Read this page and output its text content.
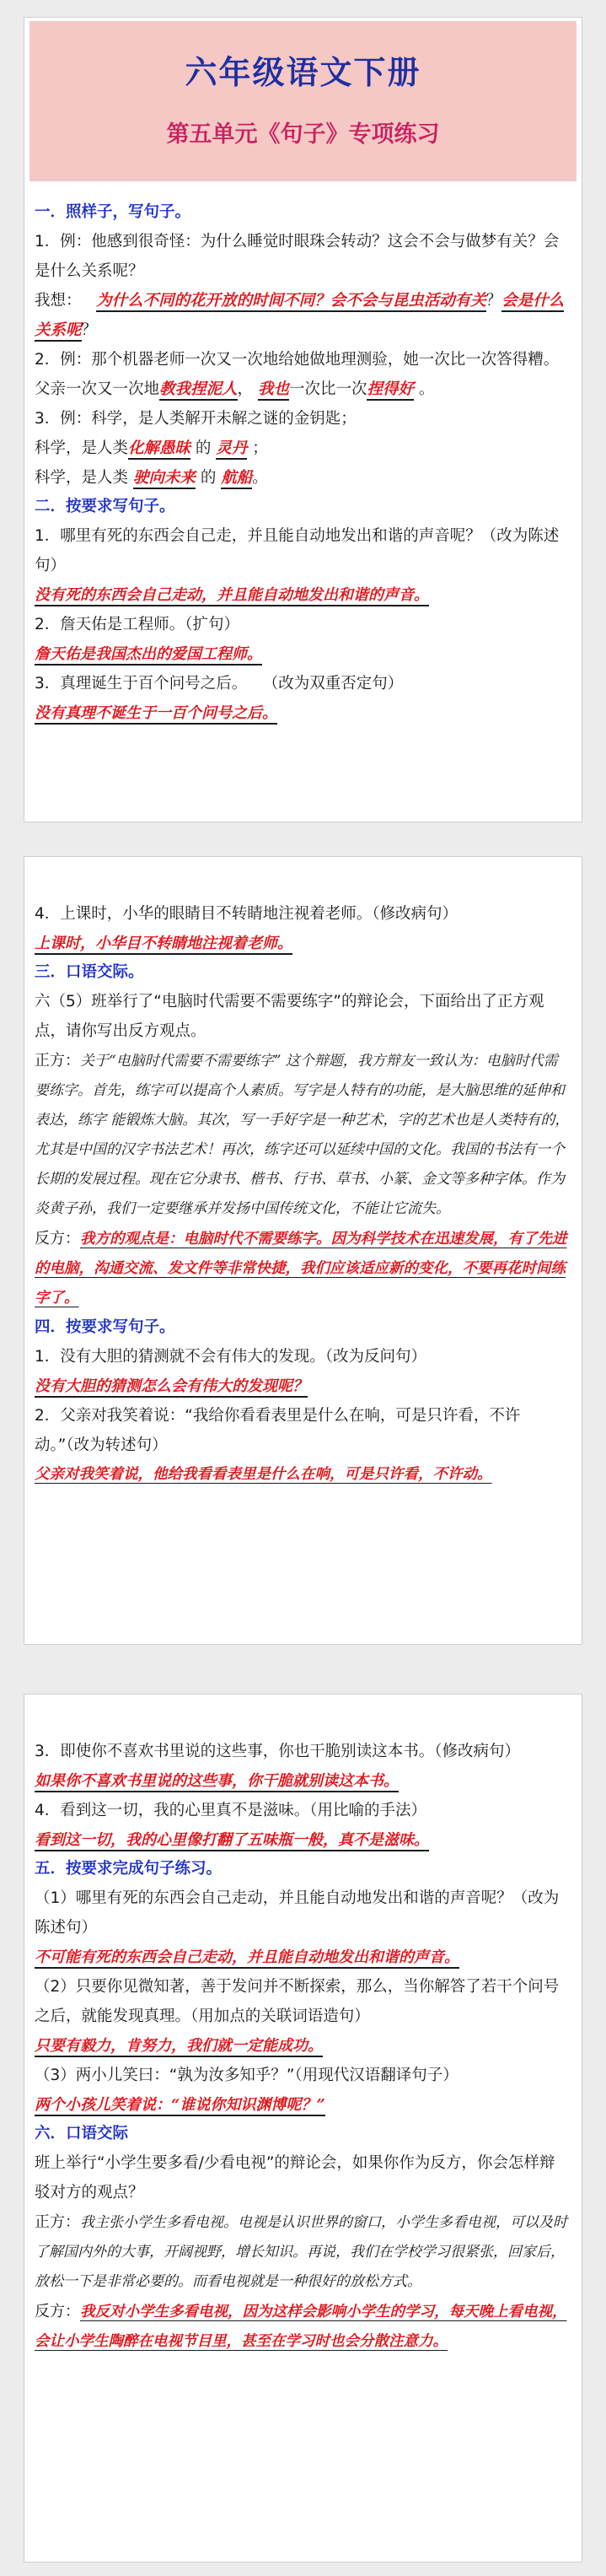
六年级语文下册
第五单元《句子》专项练习
一．照样子，写句子。

1．例：他感到很奇怪：为什么睡觉时眼珠会转动？这会不会与做梦有关？会是什么关系呢？

我想： 为什么不同的花开放的时间不同？会不会与昆虫活动有关？会是什么关系呢？

2．例：那个机器老师一次又一次地给她做地理测验，她一次比一次答得糟。

父亲一次又一次地教我捏泥人， 我也一次比一次捏得好 。

3．例：科学，是人类解开未解之谜的金钥匙；

科学，是人类化解愚昧 的 灵丹 ；

科学，是人类 驶向未来 的 航船。

二．按要求写句子。

1．哪里有死的东西会自己走，并且能自动地发出和谐的声音呢？（改为陈述句）

没有死的东西会自己走动，并且能自动地发出和谐的声音。

2．詹天佑是工程师。（扩句）

詹天佑是我国杰出的爱国工程师。

3．真理诞生于百个问号之后。　　（改为双重否定句）

没有真理不诞生于一百个问号之后。

4．上课时，小华的眼睛目不转睛地注视着老师。（修改病句）

上课时，小华目不转睛地注视着老师。

三．口语交际。

六（5）班举行了“电脑时代需要不需要练字”的辩论会，下面给出了正方观点，请你写出反方观点。

正方：关于“电脑时代需要不需要练字” 这个辩题，我方辩友一致认为：电脑时代需要练字。首先，练字可以提高个人素质。写字是人特有的功能，是大脑思维的延伸和表达，练字 能锻炼大脑。其次，写一手好字是一种艺术，字的艺术也是人类特有的，尤其是中国的汉字书法艺术！再次，练字还可以延续中国的文化。我国的书法有一个长期的发展过程。现在它分隶书、楷书、行书、草书、小篆、金文等多种字体。作为炎黄子孙，我们一定要继承并发扬中国传统文化，不能让它流失。

反方：我方的观点是：电脑时代不需要练字。因为科学技术在迅速发展，有了先进的电脑，沟通交流、发文件等非常快捷，我们应该适应新的变化，不要再花时间练字了。

四．按要求写句子。

1．没有大胆的猜测就不会有伟大的发现。（改为反问句）

没有大胆的猜测怎么会有伟大的发现呢？

2．父亲对我笑着说：“我给你看看表里是什么在响，可是只许看，不许动。”（改为转述句）

父亲对我笑着说，他给我看看表里是什么在响，可是只许看，不许动。

3．即使你不喜欢书里说的这些事，你也干脆别读这本书。（修改病句）

如果你不喜欢书里说的这些事，你干脆就别读这本书。

4．看到这一切，我的心里真不是滋味。（用比喻的手法）

看到这一切，我的心里像打翻了五味瓶一般，真不是滋味。

五．按要求完成句子练习。

（1）哪里有死的东西会自己走动，并且能自动地发出和谐的声音呢？（改为陈述句）

不可能有死的东西会自己走动，并且能自动地发出和谐的声音。

（2）只要你见微知著，善于发问并不断探索，那么，当你解答了若干个问号之后，就能发现真理。（用加点的关联词语造句）

只要有毅力，肯努力，我们就一定能成功。

（3）两小儿笑曰：“孰为汝多知乎？”（用现代汉语翻译句子）

两个小孩儿笑着说：“谁说你知识渊博呢？”

六．口语交际

班上举行“小学生要多看/少看电视”的辩论会，如果你作为反方，你会怎样辩驳对方的观点？

正方：我主张小学生多看电视。电视是认识世界的窗口，小学生多看电视，可以及时了解国内外的大事，开阔视野，增长知识。再说，我们在学校学习很紧张，回家后，放松一下是非常必要的。而看电视就是一种很好的放松方式。

反方：我反对小学生多看电视，因为这样会影响小学生的学习，每天晚上看电视，会让小学生陶醉在电视节目里，甚至在学习时也会分散注意力。
